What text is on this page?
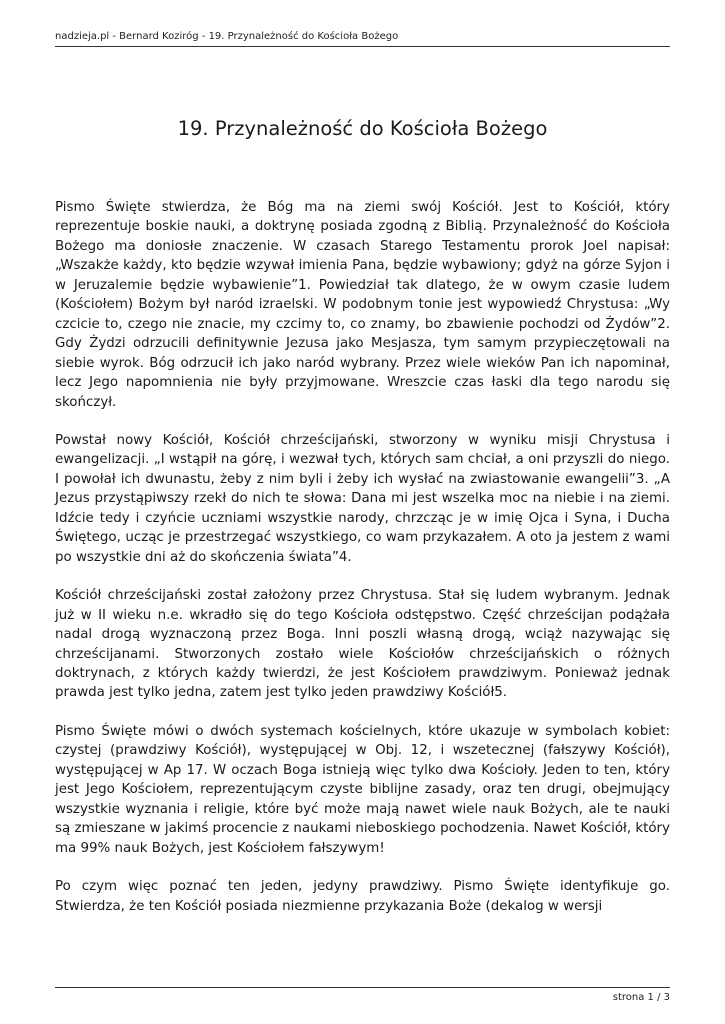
nadzieja.pl - Bernard Koziróg - 19. Przynależność do Kościoła Bożego
19. Przynależność do Kościoła Bożego

Pismo Święte stwierdza, że Bóg ma na ziemi swój Kościół. Jest to Kościół, który reprezentuje boskie nauki, a doktrynę posiada zgodną z Biblią. Przynależność do Kościoła Bożego ma doniosłe znaczenie. W czasach Starego Testamentu prorok Joel napisał: „Wszakże każdy, kto będzie wzywał imienia Pana, będzie wybawiony; gdyż na górze Syjon i w Jeruzalemie będzie wybawienie”1. Powiedział tak dlatego, że w owym czasie ludem (Kościołem) Bożym był naród izraelski. W podobnym tonie jest wypowiedź Chrystusa: „Wy czcicie to, czego nie znacie, my czcimy to, co znamy, bo zbawienie pochodzi od Żydów”2. Gdy Żydzi odrzucili definitywnie Jezusa jako Mesjasza, tym samym przypieczętowali na siebie wyrok. Bóg odrzucił ich jako naród wybrany. Przez wiele wieków Pan ich napominał, lecz Jego napomnienia nie były przyjmowane. Wreszcie czas łaski dla tego narodu się skończył.

Powstał nowy Kościół, Kościół chrześcijański, stworzony w wyniku misji Chrystusa i ewangelizacji. „I wstąpił na górę, i wezwał tych, których sam chciał, a oni przyszli do niego. I powołał ich dwunastu, żeby z nim byli i żeby ich wysłać na zwiastowanie ewangelii”3. „A Jezus przystąpiwszy rzekł do nich te słowa: Dana mi jest wszelka moc na niebie i na ziemi. Idźcie tedy i czyńcie uczniami wszystkie narody, chrzcząc je w imię Ojca i Syna, i Ducha Świętego, ucząc je przestrzegać wszystkiego, co wam przykazałem. A oto ja jestem z wami po wszystkie dni aż do skończenia świata”4.

Kościół chrześcijański został założony przez Chrystusa. Stał się ludem wybranym. Jednak już w II wieku n.e. wkradło się do tego Kościoła odstępstwo. Część chrześcijan podążała nadal drogą wyznaczoną przez Boga. Inni poszli własną drogą, wciąż nazywając się chrześcijanami. Stworzonych zostało wiele Kościołów chrześcijańskich o różnych doktrynach, z których każdy twierdzi, że jest Kościołem prawdziwym. Ponieważ jednak prawda jest tylko jedna, zatem jest tylko jeden prawdziwy Kościół5.

Pismo Święte mówi o dwóch systemach kościelnych, które ukazuje w symbolach kobiet: czystej (prawdziwy Kościół), występującej w Obj. 12, i wszetecznej (fałszywy Kościół), występującej w Ap 17. W oczach Boga istnieją więc tylko dwa Kościoły. Jeden to ten, który jest Jego Kościołem, reprezentującym czyste biblijne zasady, oraz ten drugi, obejmujący wszystkie wyznania i religie, które być może mają nawet wiele nauk Bożych, ale te nauki są zmieszane w jakimś procencie z naukami nieboskiego pochodzenia. Nawet Kościół, który ma 99% nauk Bożych, jest Kościołem fałszywym!

Po czym więc poznać ten jeden, jedyny prawdziwy. Pismo Święte identyfikuje go. Stwierdza, że ten Kościół posiada niezmienne przykazania Boże (dekalog w wersji

strona 1 / 3
